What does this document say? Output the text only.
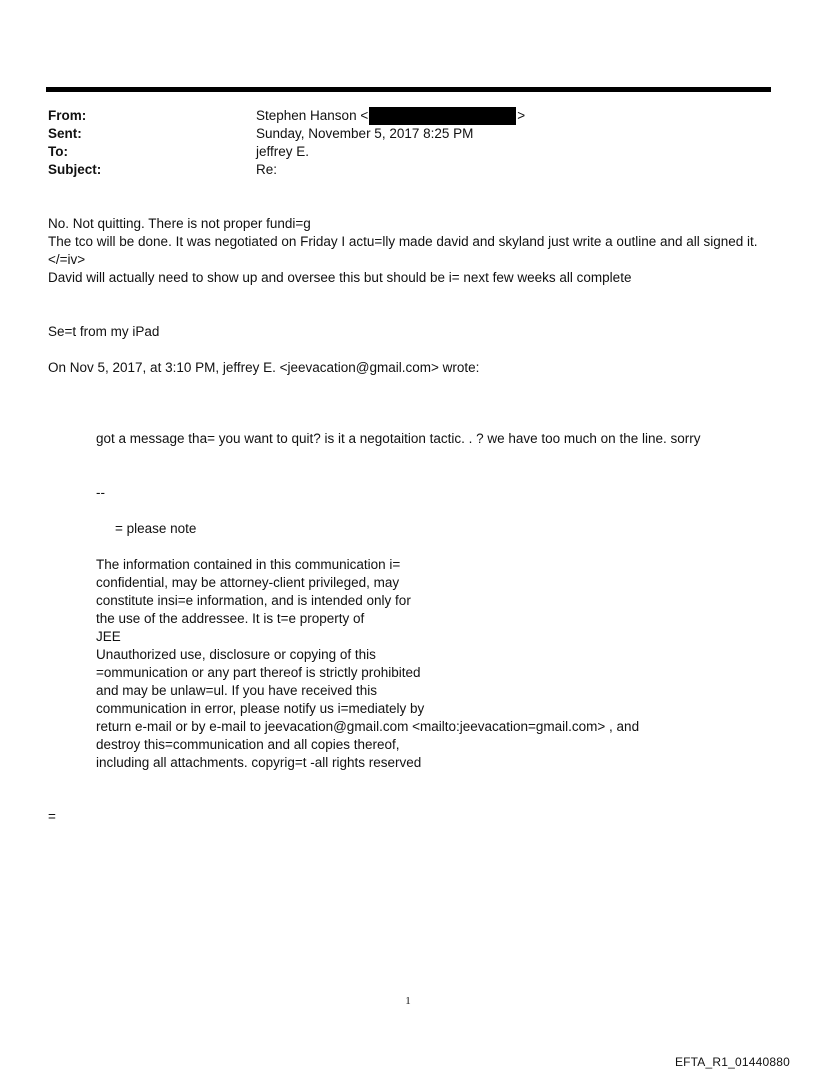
From:	Stephen Hanson <	>
Sent:	Sunday, November 5, 2017 8:25 PM
To:	jeffrey E.
Subject:	Re:
No. Not quitting. There is not proper fundi=g
The tco will be done. It was negotiated on Friday I actu=lly made david and skyland just write a outline and all signed it.
</=iv>
David will actually need to show up and oversee this but should be i= next few weeks all complete
Se=t from my iPad
On Nov 5, 2017, at 3:10 PM, jeffrey E. <jeevacation@gmail.com> wrote:
got a message tha= you want to quit? is it a negotaition tactic. . ? we have too much on the line. sorry
--
= please note
The information contained in this communication i=
confidential, may be attorney-client privileged, may
constitute insi=e information, and is intended only for
the use of the addressee. It is t=e property of
JEE
Unauthorized use, disclosure or copying of this
=ommunication or any part thereof is strictly prohibited
and may be unlaw=ul. If you have received this
communication in error, please notify us i=mediately by
return e-mail or by e-mail to jeevacation@gmail.com <mailto:jeevacation=gmail.com> , and
destroy this=communication and all copies thereof,
including all attachments. copyrig=t -all rights reserved
=
1
EFTA_R1_01440880
